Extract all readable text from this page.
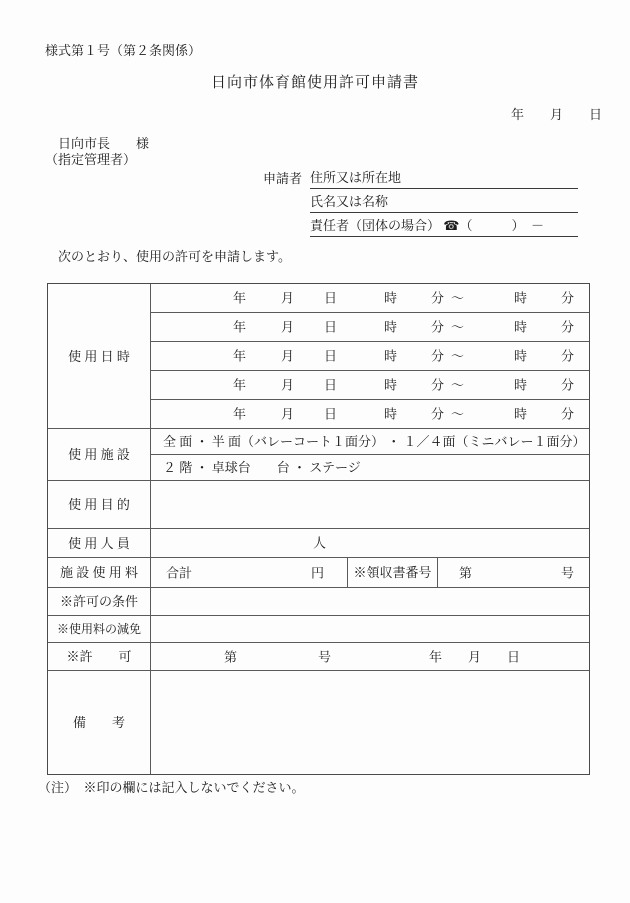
様式第１号（第２条関係）
日向市体育館使用許可申請書
年　　月　　日
日向市長　　様
（指定管理者）
申請者 住所又は所在地
氏名又は名称
責任者（団体の場合） ☎（　　　）　－
次のとおり、使用の許可を申請します。
使 用 日 時
年	月 日	時	分 ～	時	分
年	月 日	時	分 ～	時	分
年	月 日	時	分 ～	時	分
年	月 日	時	分 ～	時	分
年	月 日	時	分 ～	時	分
使 用 施 設
全 面 ・ 半 面（バレーコート１面分） ・ １／４面（ミニバレー１面分）
２ 階 ・ 卓球台　　台 ・ ステージ
使 用 目 的
使 用 人 員	人
施 設 使 用 料	合計	円	※領収書番号	第	号
※許可の条件
※使用料の減免
※許　　可	第	号	年　　月　　日
備　　考
（注）　※印の欄には記入しないでください。
